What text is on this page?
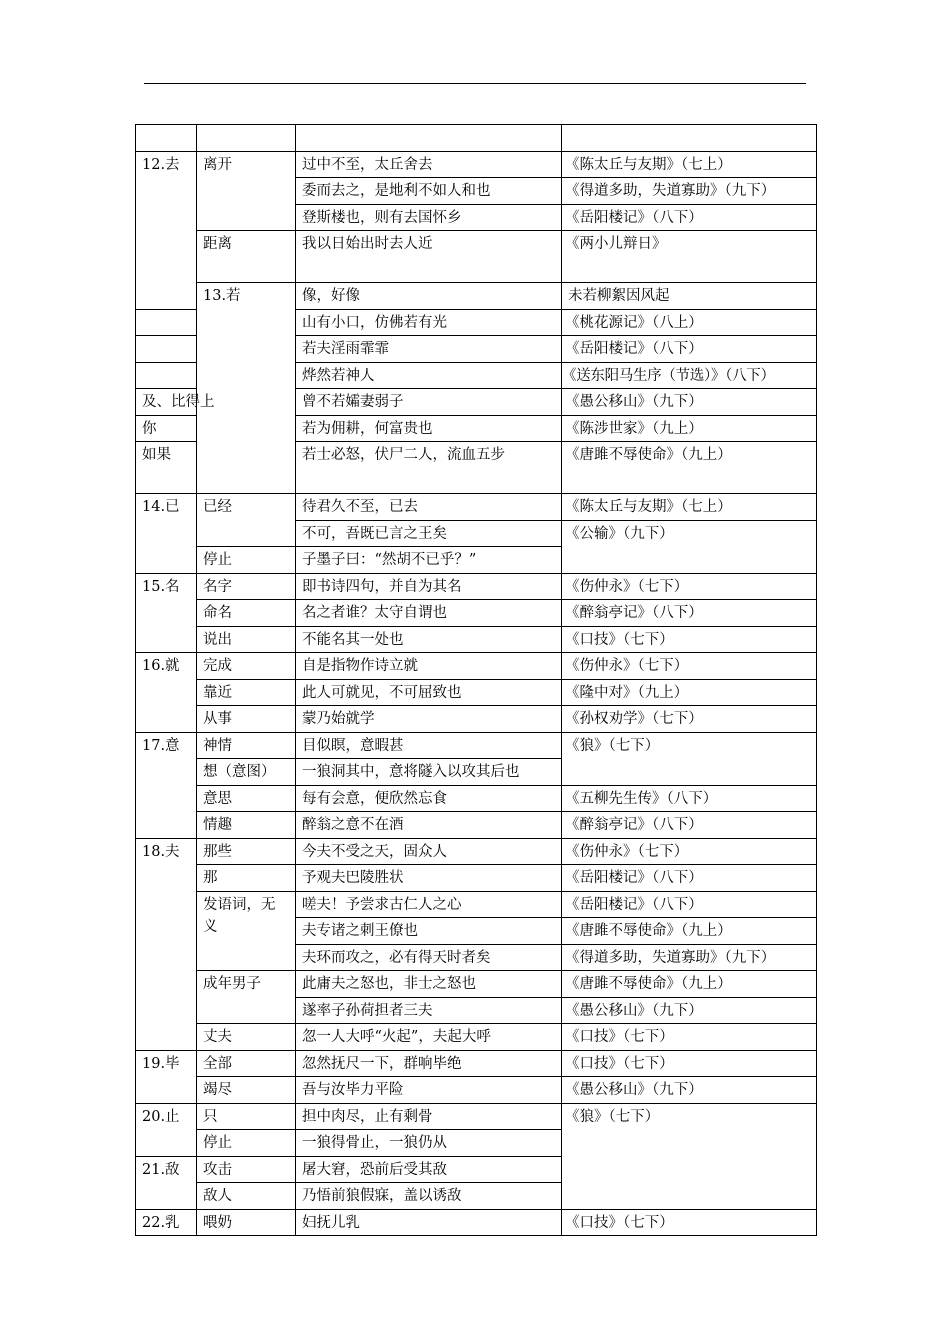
12.去	离开	过中不至，太丘舍去	《陈太丘与友期》（七上）	
		委而去之，是地利不如人和也	《得道多助，失道寡助》（九下）	
		登斯楼也，则有去国怀乡	《岳阳楼记》（八下）	
	距离	我以日始出时去人近	《两小儿辩日》	
	13.若	像，好像	未若柳絮因风起	
		山有小口，仿佛若有光	《桃花源记》（八上）	
		若夫淫雨霏霏	《岳阳楼记》（八下）	
		烨然若神人	《送东阳马生序（节选）》（八下）	
及、比得上		曾不若孀妻弱子	《愚公移山》（九下）	
你		若为佣耕，何富贵也	《陈涉世家》（九上）	
如果		若士必怒，伏尸二人，流血五步	《唐雎不辱使命》（九上）	
14.已	已经	待君久不至，已去	《陈太丘与友期》（七上）	
		不可，吾既已言之王矣	《公输》（九下）	
	停止	子墨子曰：“然胡不已乎？”		
15.名	名字	即书诗四句，并自为其名	《伤仲永》（七下）	
	命名	名之者谁？太守自谓也	《醉翁亭记》（八下）	
	说出	不能名其一处也	《口技》（七下）	
16.就	完成	自是指物作诗立就	《伤仲永》（七下）	
	靠近	此人可就见，不可屈致也	《隆中对》（九上）	
	从事	蒙乃始就学	《孙权劝学》（七下）	
17.意	神情	目似瞑，意暇甚	《狼》（七下）	
	想（意图）	一狼洞其中，意将隧入以攻其后也		
	意思	每有会意，便欣然忘食	《五柳先生传》（八下）	
	情趣	醉翁之意不在酒	《醉翁亭记》（八下）	
18.夫	那些	今夫不受之天，固众人	《伤仲永》（七下）	
	那	予观夫巴陵胜状	《岳阳楼记》（八下）	
	发语词，无义	嗟夫！予尝求古仁人之心	《岳阳楼记》（八下）	
		夫专诸之刺王僚也	《唐雎不辱使命》（九上）	
		夫环而攻之，必有得天时者矣	《得道多助，失道寡助》（九下）	
	成年男子	此庸夫之怒也，非士之怒也	《唐雎不辱使命》（九上）	
		遂率子孙荷担者三夫	《愚公移山》（九下）	
	丈夫	忽一人大呼“火起”，夫起大呼	《口技》（七下）	
19.毕	全部	忽然抚尺一下，群响毕绝	《口技》（七下）	
	竭尽	吾与汝毕力平险	《愚公移山》（九下）	
20.止	只	担中肉尽，止有剩骨	《狼》（七下）	
	停止	一狼得骨止，一狼仍从		
21.敌	攻击	屠大窘，恐前后受其敌		
	敌人	乃悟前狼假寐，盖以诱敌		
22.乳	喂奶	妇抚儿乳	《口技》（七下）	
